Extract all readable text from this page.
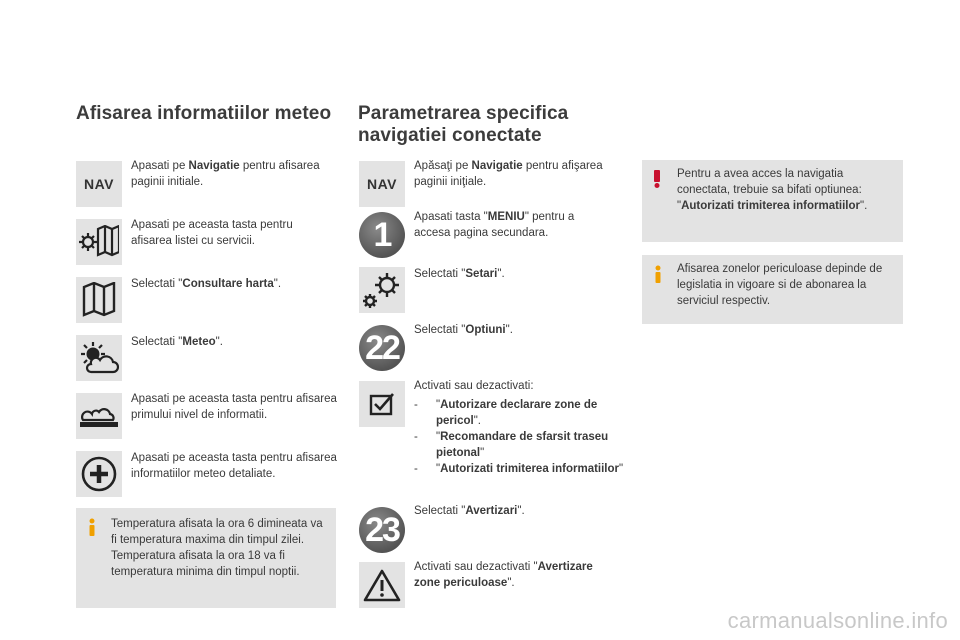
Afisarea informatiilor meteo
NAV
Apasati pe Navigatie pentru afisarea paginii initiale.
Apasati pe aceasta tasta pentru afisarea listei cu servicii.
Selectati "Consultare harta".
Selectati "Meteo".
Apasati pe aceasta tasta pentru afisarea primului nivel de informatii.
Apasati pe aceasta tasta pentru afisarea informatiilor meteo detaliate.
Temperatura afisata la ora 6 dimineata va fi temperatura maxima din timpul zilei. Temperatura afisata la ora 18 va fi temperatura minima din timpul noptii.
Parametrarea specifica
navigatiei conectate
NAV
Apăsaţi pe Navigatie pentru afişarea paginii iniţiale.
1	Apasati tasta "MENIU" pentru a accesa pagina secundara.
Selectati "Setari".
22	Selectati "Optiuni".
Activati sau dezactivati:
- "Autorizare declarare zone de pericol".
- "Recomandare de sfarsit traseu pietonal"
- "Autorizati trimiterea informatiilor"
23	Selectati "Avertizari".
Activati sau dezactivati "Avertizare zone periculoase".
Pentru a avea acces la navigatia conectata, trebuie sa bifati optiunea: "Autorizati trimiterea informatiilor".
Afisarea zonelor periculoase depinde de legislatia in vigoare si de abonarea la serviciul respectiv.
carmanualsonline.info
